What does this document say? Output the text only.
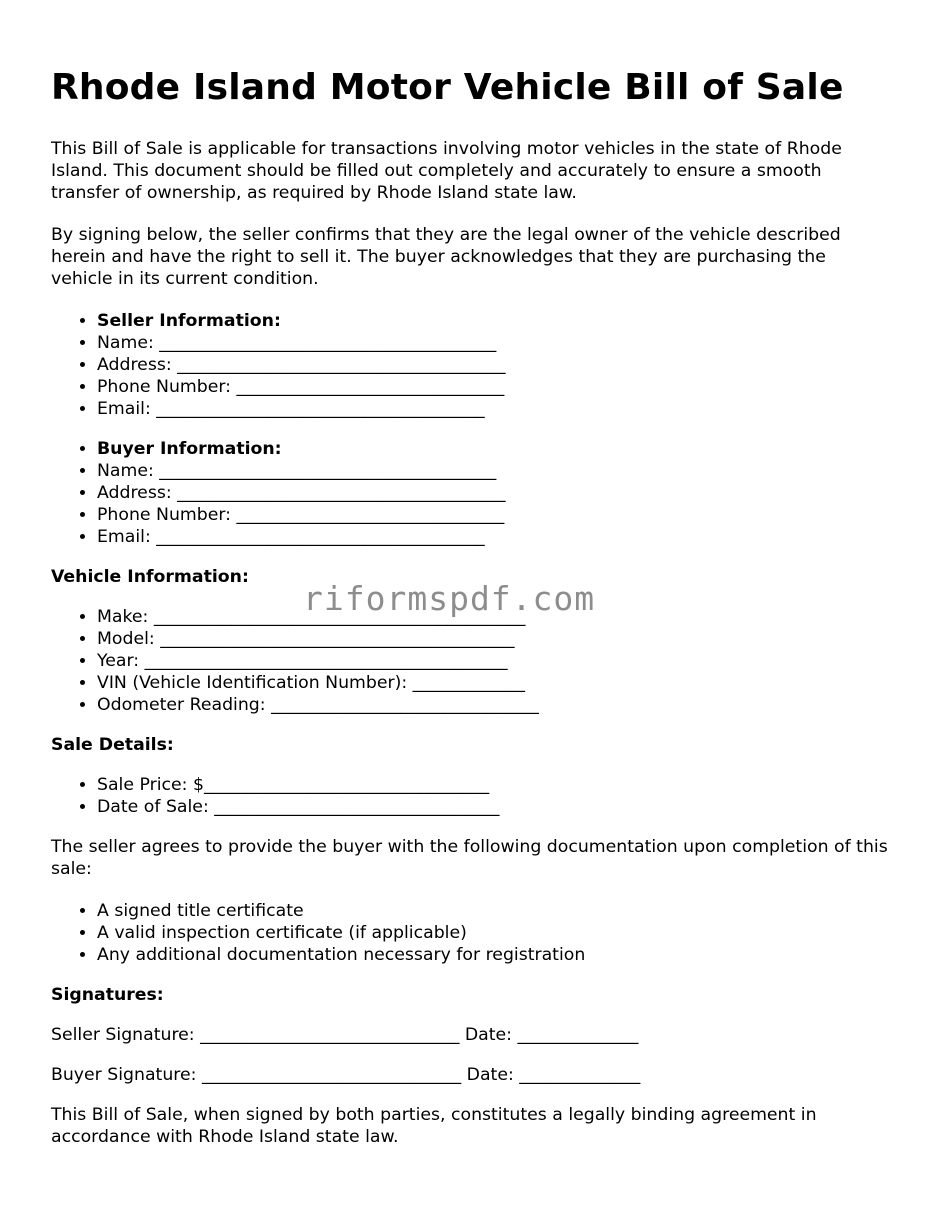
Rhode Island Motor Vehicle Bill of Sale

This Bill of Sale is applicable for transactions involving motor vehicles in the state of Rhode Island. This document should be filled out completely and accurately to ensure a smooth transfer of ownership, as required by Rhode Island state law.

By signing below, the seller confirms that they are the legal owner of the vehicle described herein and have the right to sell it. The buyer acknowledges that they are purchasing the vehicle in its current condition.

• Seller Information:
• Name: _______________________________________
• Address: ______________________________________
• Phone Number: _______________________________
• Email: ______________________________________
• Buyer Information:
• Name: _______________________________________
• Address: ______________________________________
• Phone Number: _______________________________
• Email: ______________________________________
Vehicle Information:
• Make: ___________________________________________
• Model: _________________________________________
• Year: __________________________________________
• VIN (Vehicle Identification Number): _____________
• Odometer Reading: _______________________________
Sale Details:
• Sale Price: $_________________________________
• Date of Sale: _________________________________

The seller agrees to provide the buyer with the following documentation upon completion of this sale:

• A signed title certificate
• A valid inspection certificate (if applicable)
• Any additional documentation necessary for registration
Signatures:
Seller Signature: ______________________________ Date: ______________
Buyer Signature: ______________________________ Date: ______________

This Bill of Sale, when signed by both parties, constitutes a legally binding agreement in accordance with Rhode Island state law.

riformspdf.com
